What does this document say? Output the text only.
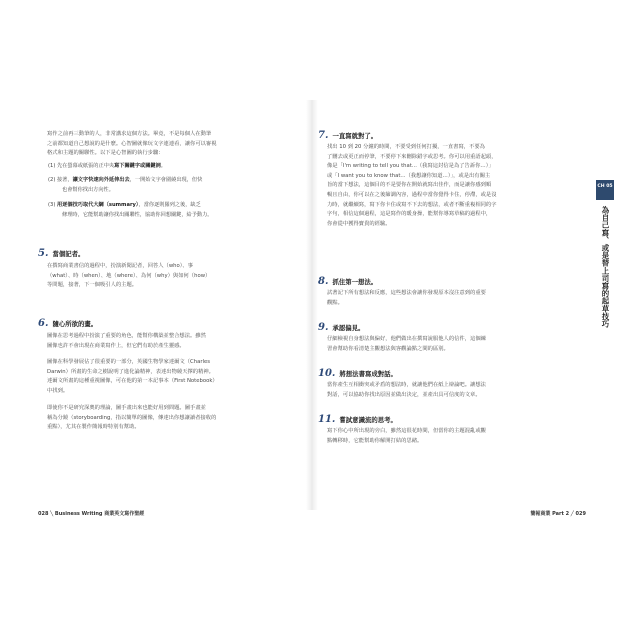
寫作之前再三動筆的人，非常講求這個方法。畢竟，不是每個人在動筆
之前都知道自己想說的是什麼。心智圖就像玩文字連連看，讓你可以審視
格式和主題的關聯性。以下是心智圖的執行步驟：
(1) 先在螢幕或紙張的正中央寫下關鍵字或關鍵詞。
(2) 接著，讓文字快速向外延伸出去，一開始文字會圍繞出現，但快
也會幫你找出方向性。
(3) 用逐個技巧取代大綱（summary），當你逐則羅列之後，缺乏
條理時，它能幫助讓你找出關聯性，協助你回想關鍵，給予動力。
5. 當個記者。
在撰寫商業書信的過程中，扮演新聞記者，回答人（who）、事
（what）、時（when）、地（where）、為何（why）與如何（how）
等問題，接著，下一個吸引人的主題。
6. 隨心所欲的畫。
圖像在思考過程中扮演了重要的角色，能幫你構築並整合想法。雖然
圖像也許不會出現在商業寫作上，但它們有助於產生靈感。
圖像在科學發展佔了很重要的一部分，英國生物學家達爾文（Charles
Darwin）所畫的生命之樹說明了進化論精神，表達出物競天擇的精神。
達爾文所畫的這種重視圖像，可在他的第一本記事本（First Notebook）
中找到。
即使你不是研究深奧的理論，圖手畫出來也能好用到問題。圖手畫並
稱為分鏡（storyboarding，指以簡單的圖像，傳達出你想讓讀者接收的
重點），尤其在製作簡報時特別有幫助。
7. 一直寫就對了。
找出 10 到 20 分鐘的時間，不要受到任何打擾，一直書寫，不要為
了刪去或更正而停筆，不要停下來刪除錯字或思考。你可以用重語起頭，
像是「I'm writing to tell you that...（我寫這封信是為了告訴你…）」
或「I want you to know that...（我想讓你知道…）」，或是出有關主
旨的當下想法，這個目的不是要你在開始就寫出佳作，而是讓你感到順
暢且自由，你可以在之後篩調內容，過程中當你覺得卡住，停滯，或是沒
力時，就繼續寫，寫下你卡住或寫不下去的想法，或者不斷重複相同的字
字句，相信這個過程，這是寫作的暖身操，能幫你導寫草稿的過程中，
你會從中獲得寶貴的經驗。
8. 抓住第一想法。
試著記下所有想法和反應，這些想法會讓你發現原本沒注意到的重要
觀點。
9. 承認偏見。
仔細檢視自身想法與偏好，他們做出在撰寫說服他人的信件，這個練
習會幫助你看清楚主觀想法與客觀論點之間的區別。
10. 將想法書寫成對話。
當你產生互相衝突或矛盾的想法時，就讓他們在紙上辯論吧。讓想法
對話，可以協助你找出原因並做出決定，並產出具可信度的文章。
11. 嘗試意識流的思考。
寫下你心中所出現的旁白，雖然這很花時間，但當你的主題混亂或觀
點轉移時，它能幫助你解開打結的思緒。
CH 05
為自己寫、或是替上司寫的起草技巧
028 ╲ Business Writing 商業英文寫作聖經	簡報商業 Part 2 ╱ 029
